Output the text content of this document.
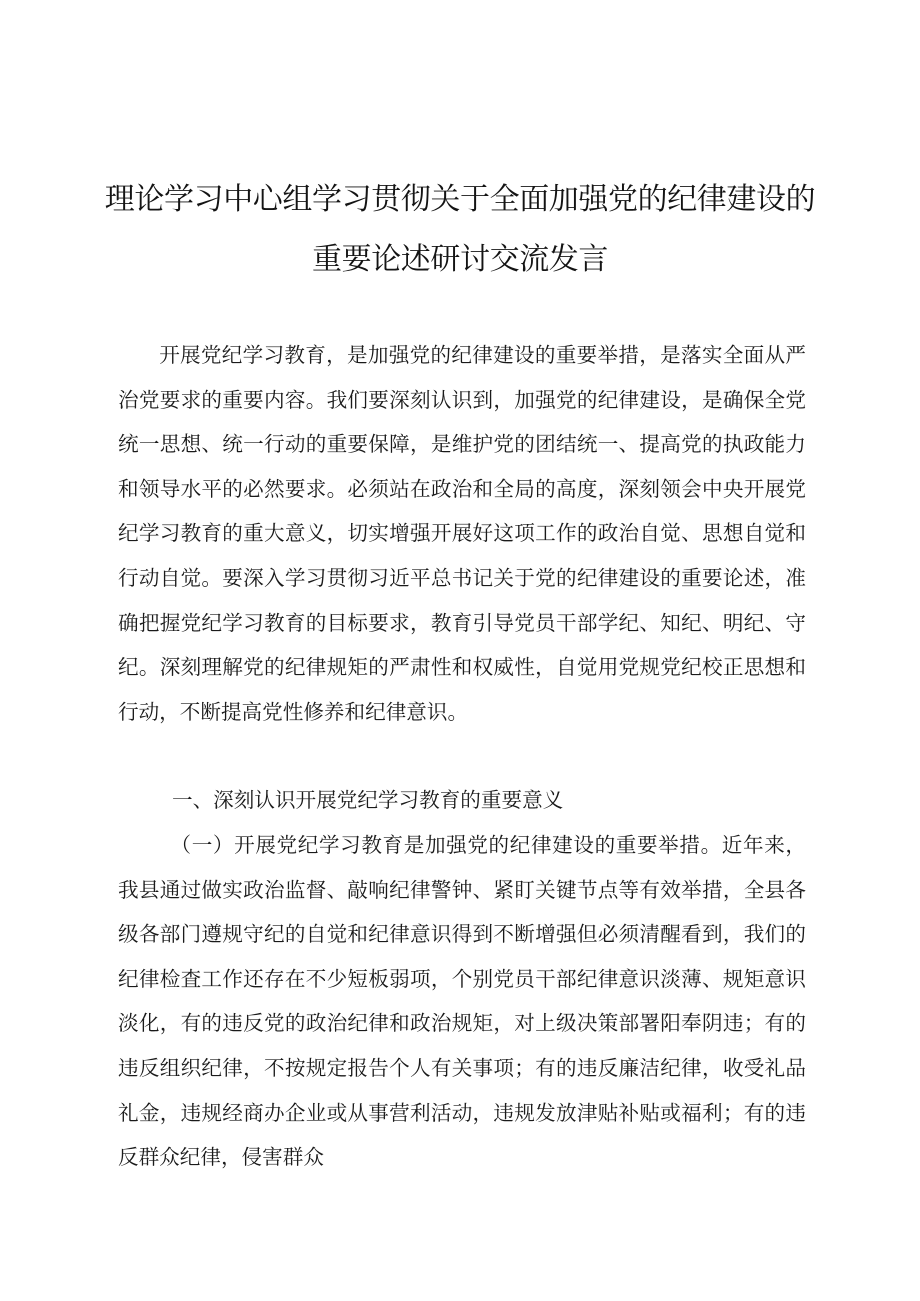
理论学习中心组学习贯彻关于全面加强党的纪律建设的
重要论述研讨交流发言

开展党纪学习教育，是加强党的纪律建设的重要举措，是落实全面从严治党要求的重要内容。我们要深刻认识到，加强党的纪律建设，是确保全党统一思想、统一行动的重要保障，是维护党的团结统一、提高党的执政能力和领导水平的必然要求。必须站在政治和全局的高度，深刻领会中央开展党纪学习教育的重大意义，切实增强开展好这项工作的政治自觉、思想自觉和行动自觉。要深入学习贯彻习近平总书记关于党的纪律建设的重要论述，准确把握党纪学习教育的目标要求，教育引导党员干部学纪、知纪、明纪、守纪。深刻理解党的纪律规矩的严肃性和权威性，自觉用党规党纪校正思想和行动，不断提高党性修养和纪律意识。

一、深刻认识开展党纪学习教育的重要意义

（一）开展党纪学习教育是加强党的纪律建设的重要举措。近年来，我县通过做实政治监督、敲响纪律警钟、紧盯关键节点等有效举措，全县各级各部门遵规守纪的自觉和纪律意识得到不断增强但必须清醒看到，我们的纪律检査工作还存在不少短板弱项，个别党员干部纪律意识淡薄、规矩意识淡化，有的违反党的政治纪律和政治规矩，对上级决策部署阳奉阴违；有的违反组织纪律，不按规定报告个人有关事项；有的违反廉洁纪律，收受礼品礼金，违规经商办企业或从事营利活动，违规发放津贴补贴或福利；有的违反群众纪律，侵害群众
